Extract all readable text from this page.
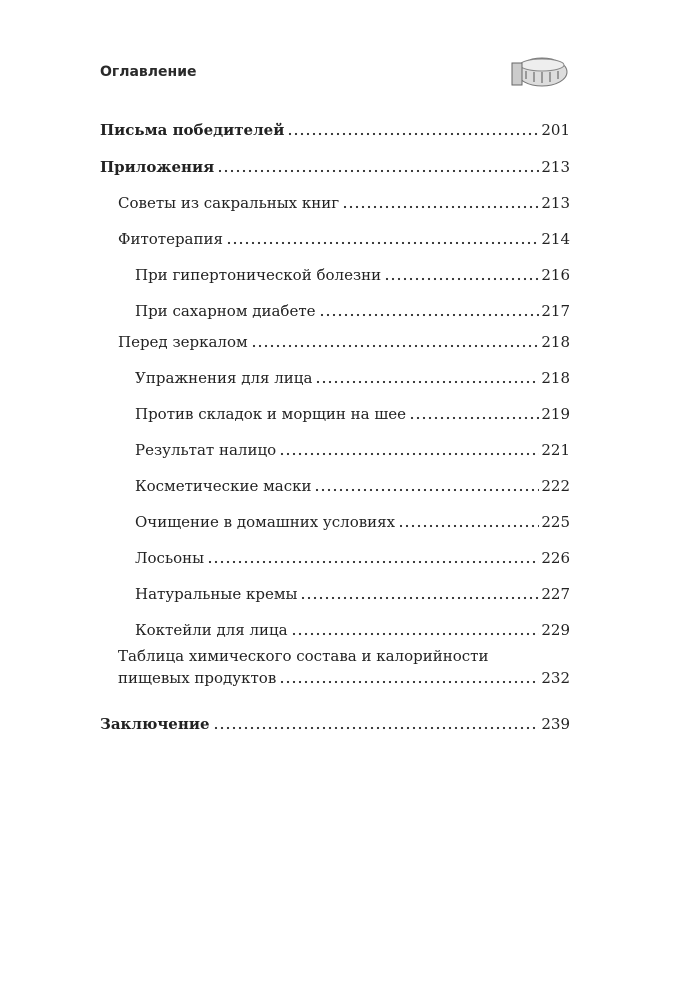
Оглавление
Письма победителей	201
Приложения	213
Советы из сакральных книг	213
Фитотерапия	214
При гипертонической болезни	216
При сахарном диабете	217
Перед зеркалом	218
Упражнения для лица	218
Против складок и морщин на шее	219
Результат налицо	221
Косметические маски	222
Очищение в домашних условиях	225
Лосьоны	226
Натуральные кремы	227
Коктейли для лица	229
Таблица химического состава и калорийности
пищевых продуктов	232
Заключение	239
